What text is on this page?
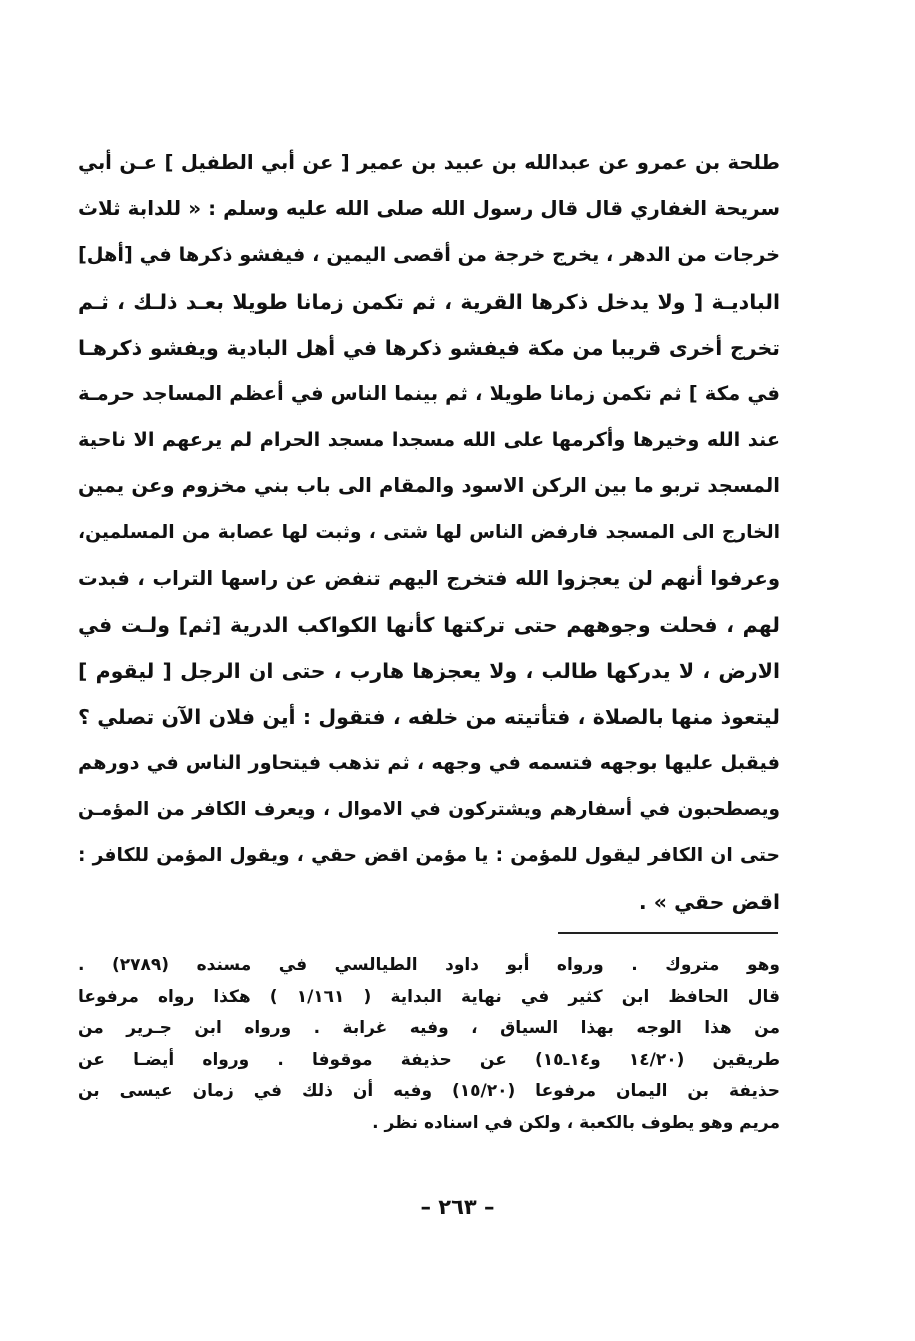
طلحة بن عمرو عن عبدالله بن عبيد بن عمير [ عن أبي الطفيل ] عـن أبي
سريحة الغفاري قال قال رسول الله صلى الله عليه وسلم : « للدابة ثلاث
خرجات من الدهر ، يخرج خرجة من أقصى اليمين ، فيفشو ذكرها في [أهل]
الباديـة [ ولا يدخل ذكرها القرية ، ثم تكمن زمانا طويلا بعـد ذلـك ، ثـم
تخرج أخرى قريبا من مكة فيفشو ذكرها في أهل البادية ويفشو ذكرهـا
في مكة ] ثم تكمن زمانا طويلا ، ثم بينما الناس في أعظم المساجد حرمـة
عند الله وخيرها وأكرمها على الله مسجدا مسجد الحرام لم يرعهم الا ناحية
المسجد تربو ما بين الركن الاسود والمقام الى باب بني مخزوم وعن يمين
الخارج الى المسجد فارفض الناس لها شتى ، وثبت لها عصابة من المسلمين،
وعرفوا أنهم لن يعجزوا الله فتخرج اليهم تنفض عن راسها التراب ، فبدت
لهم ، فحلت وجوههم حتى تركتها كأنها الكواكب الدرية [ثم] ولـت في
الارض ، لا يدركها طالب ، ولا يعجزها هارب ، حتى ان الرجل [ ليقوم ]
ليتعوذ منها بالصلاة ، فتأتيته من خلفه ، فتقول : أين فلان الآن تصلي ؟
فيقبل عليها بوجهه فتسمه في وجهه ، ثم تذهب فيتحاور الناس في دورهم
ويصطحبون في أسفارهم ويشتركون في الاموال ، ويعرف الكافر من المؤمـن
حتى ان الكافر ليقول للمؤمن : يا مؤمن اقض حقي ، ويقول المؤمن للكافر :
اقض حقي » .
وهو متروك . ورواه أبو داود الطيالسي في مسنده (٢٧٨٩) .
قال الحافظ ابن كثير في نهاية البداية ( ١/١٦١ ) هكذا رواه مرفوعا
من هذا الوجه بهذا السياق ، وفيه غرابة . ورواه ابن جـرير من
طريقين (١٤/٢٠ و١٤ـ١٥) عن حذيفة موقوفا . ورواه أيضـا عن
حذيفة بن اليمان مرفوعا (١٥/٢٠) وفيه أن ذلك في زمان عيسى بن
مريم وهو يطوف بالكعبة ، ولكن في اسناده نظر .
– ٢٦٣ –
